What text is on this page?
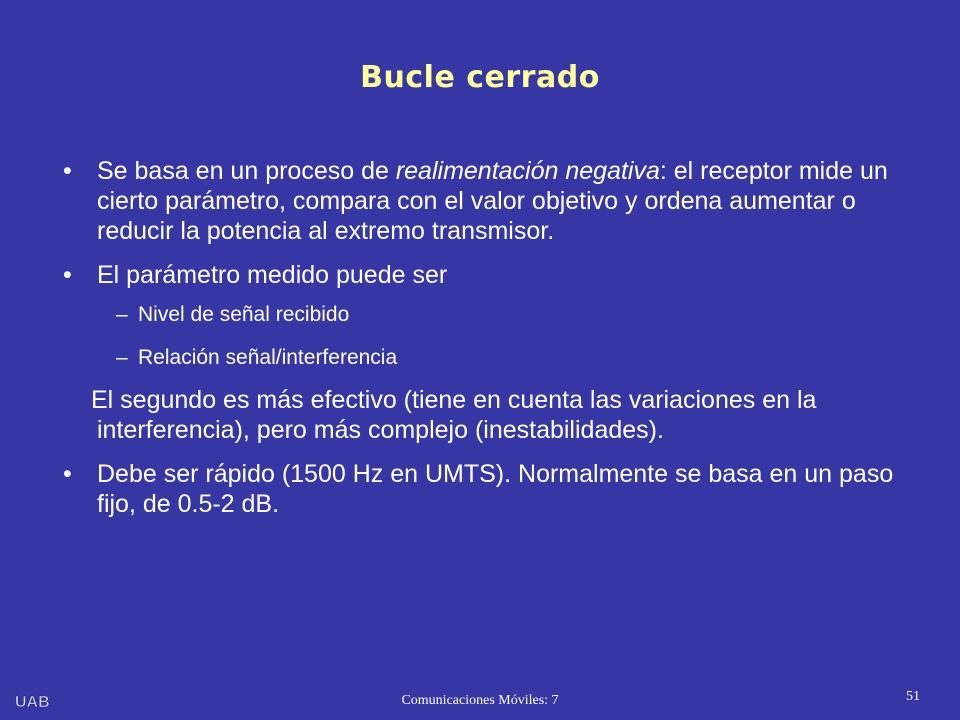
Bucle cerrado
• Se basa en un proceso de realimentación negativa: el receptor mide un cierto parámetro, compara con el valor objetivo y ordena aumentar o reducir la potencia al extremo transmisor.
• El parámetro medido puede ser
– Nivel de señal recibido
– Relación señal/interferencia
El segundo es más efectivo (tiene en cuenta las variaciones en la interferencia), pero más complejo (inestabilidades).
• Debe ser rápido (1500 Hz en UMTS). Normalmente se basa en un paso fijo, de 0.5-2 dB.
UAB	Comunicaciones Móviles: 7	51
